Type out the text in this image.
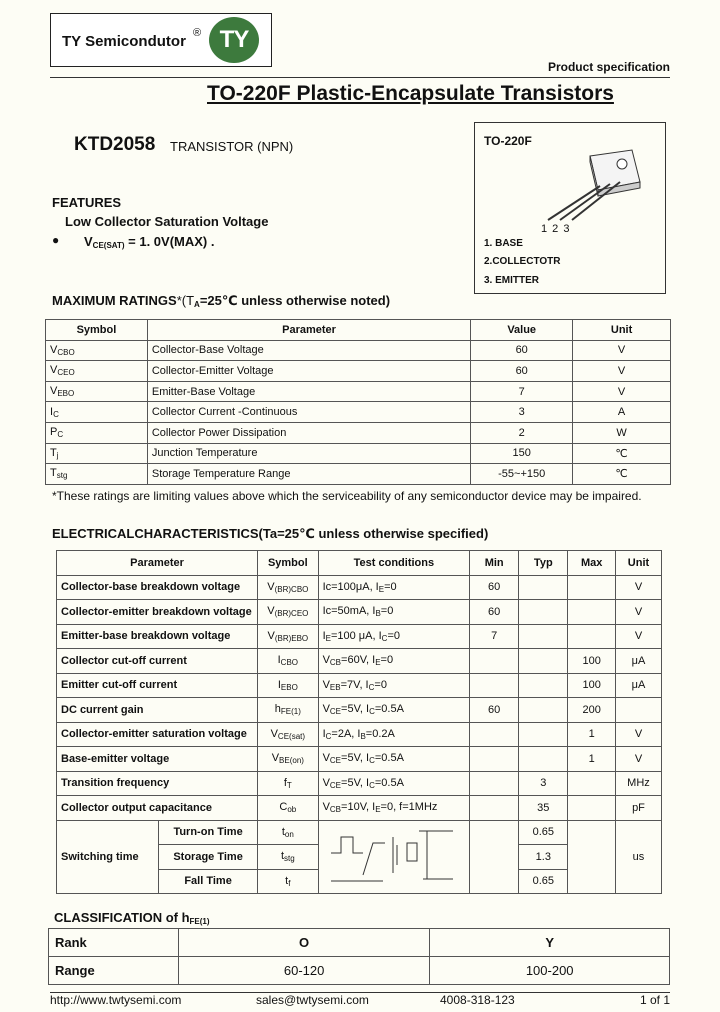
TY Semicondutor ® TY
Product specification
TO-220F Plastic-Encapsulate Transistors
KTD2058 TRANSISTOR (NPN)	TO-220F
1 2 3
1. BASE
2.COLLECTOTR
3. EMITTER
FEATURES
Low Collector Saturation Voltage
● $V_{CE(SAT)} = 1$. 0V(MAX) .
MAXIMUM $RATINGS*(T_A=25℃$ unless otherwise noted)
Symbol	Parameter	Value	Unit
$V_{CBO}$	Collector-Base Voltage	60	V
$V_{CEO}$	Collector-Emitter Voltage	60	V
$V_{EBO}$	Emitter-Base Voltage	7	V
$I_C$	Collector Current -Continuous	3	A
$P_C$	Collector Power Dissipation	2	W
$T_j$	Junction Temperature	150	℃
$T_{stg}$	Storage Temperature Range	-55~+150	℃
*These ratings are limiting values above which the serviceability of any semiconductor device may be impaired.
ELECTRICALCHARACTERISTICS(Ta=25℃ unless otherwise specified)
Parameter		Symbol	Test conditions	Min	Typ	Max	Unit
Collector-base breakdown voltage		$V_{(BR)CBO}$	Ic=100μA, $I_E=0$	60			V
Collector-emitter breakdown voltage		$V_{(BR)CEO}$	Ic=50mA, $I_B=0$	60			V
Emitter-base breakdown voltage		$V_{(BR)EBO}$	$I_E=100$ μA, $I_C=0$	7			V
Collector cut-off current		$I_{CBO}$	$V_{CB}=60V$, $I_E=0$			100	μA
Emitter cut-off current		$I_{EBO}$	$V_{EB}=7V$, $I_C=0$			100	μA
DC current gain		$h_{FE(1)}$	$V_{CE}=5V$, $I_C=0.5A$	60		200	
Collector-emitter saturation voltage		$V_{CE(sat)}$	$I_C=2A$, $I_B=0.2A$			1	V
Base-emitter voltage		$V_{BE(on)}$	$V_{CE}=5V$, $I_C=0.5A$			1	V
Transition frequency		$f_T$	$V_{CE}=5V$, $I_C=0.5A$		3		MHz
Collector output capacitance		$C_{ob}$	$V_{CB}=10V$, $I_E=0$, f=1MHz		35		pF
Switching time	Turn-on Time	$t_{on}$			0.65		us
	Storage Time	$t_{stg}$			1.3		
	Fall Time	$t_f$			0.65		
CLASSIFICATION of $h_{FE(1)}$
Rank	O	Y
Range	60-120	100-200
http://www.twtysemi.com	sales@twtysemi.com	4008-318-123	1 of 1
